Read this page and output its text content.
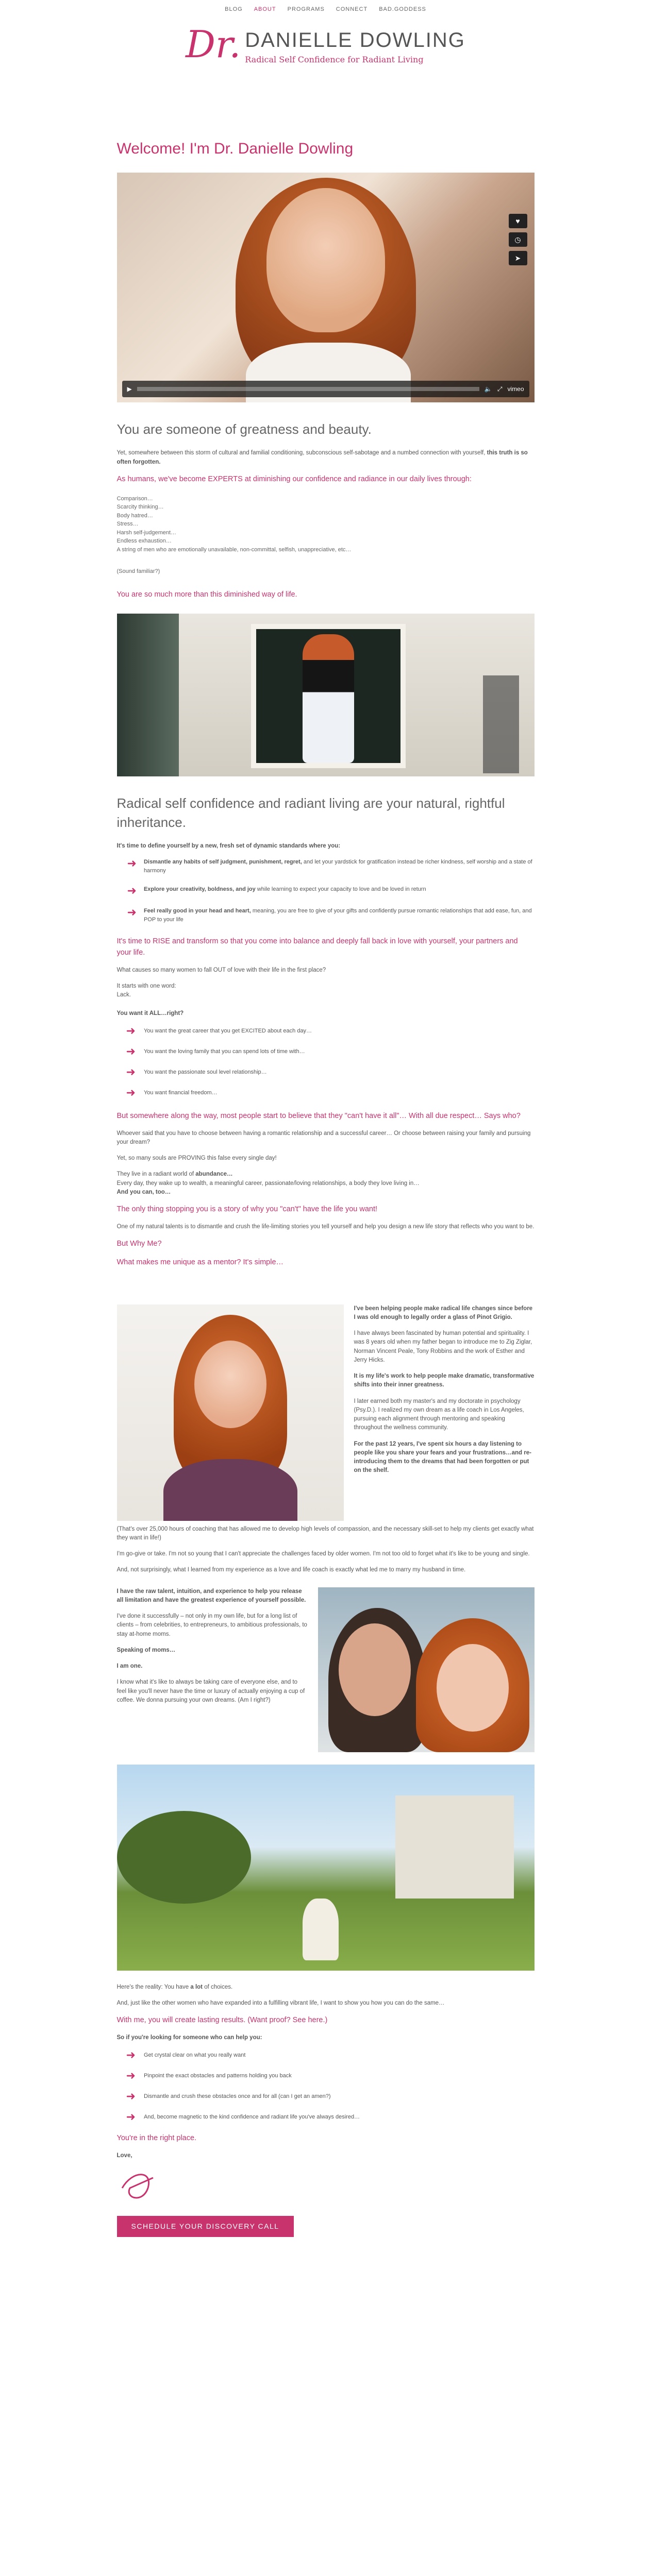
BLOG ABOUT PROGRAMS CONNECT BAD.GODDESS
Dr. DANIELLE DOWLING
Radical Self Confidence for Radiant Living
Welcome! I'm Dr. Danielle Dowling
♥
◷
➤
▶	🔈 ⤢ vimeo
You are someone of greatness and beauty.

Yet, somewhere between this storm of cultural and familial conditioning, subconscious self-sabotage and a numbed connection with yourself, this truth is so often forgotten.

As humans, we've become EXPERTS at diminishing our confidence and radiance in our daily lives through:

Comparison…

Scarcity thinking…

Body hatred…

Stress…

Harsh self-judgement…

Endless exhaustion…

A string of men who are emotionally unavailable, non-committal, selfish, unappreciative, etc…

(Sound familiar?)

You are so much more than this diminished way of life.

Radical self confidence and radiant living are your natural, rightful inheritance.

It's time to define yourself by a new, fresh set of dynamic standards where you:

➜ Dismantle any habits of self judgment, punishment, regret, and let your yardstick for gratification instead be richer kindness, self worship and a state of harmony
➜ Explore your creativity, boldness, and joy while learning to expect your capacity to love and be loved in return
➜ Feel really good in your head and heart, meaning, you are free to give of your gifts and confidently pursue romantic relationships that add ease, fun, and POP to your life

It's time to RISE and transform so that you come into balance and deeply fall back in love with yourself, your partners and your life.

What causes so many women to fall OUT of love with their life in the first place?

It starts with one word:
Lack.

You want it ALL…right?

➜ You want the great career that you get EXCITED about each day…
➜ You want the loving family that you can spend lots of time with…
➜ You want the passionate soul level relationship…
➜ You want financial freedom…

But somewhere along the way, most people start to believe that they "can't have it all"… With all due respect… Says who?

Whoever said that you have to choose between having a romantic relationship and a successful career… Or choose between raising your family and pursuing your dream?

Yet, so many souls are PROVING this false every single day!

They live in a radiant world of abundance…
Every day, they wake up to wealth, a meaningful career, passionate/loving relationships, a body they love living in…
And you can, too…

The only thing stopping you is a story of why you "can't" have the life you want!

One of my natural talents is to dismantle and crush the life-limiting stories you tell yourself and help you design a new life story that reflects who you want to be.

But Why Me?

What makes me unique as a mentor? It's simple…

I've been helping people make radical life changes since before I was old enough to legally order a glass of Pinot Grigio.

I have always been fascinated by human potential and spirituality. I was 8 years old when my father began to introduce me to Zig Ziglar, Norman Vincent Peale, Tony Robbins and the work of Esther and Jerry Hicks.

It is my life's work to help people make dramatic, transformative shifts into their inner greatness.

I later earned both my master's and my doctorate in psychology (Psy.D.). I realized my own dream as a life coach in Los Angeles, pursuing each alignment through mentoring and speaking throughout the wellness community.

For the past 12 years, I've spent six hours a day listening to people like you share your fears and your frustrations…and re-introducing them to the dreams that had been forgotten or put on the shelf.

(That's over 25,000 hours of coaching that has allowed me to develop high levels of compassion, and the necessary skill-set to help my clients get exactly what they want in life!)

I'm go-give or take. I'm not so young that I can't appreciate the challenges faced by older women. I'm not too old to forget what it's like to be young and single.

And, not surprisingly, what I learned from my experience as a love and life coach is exactly what led me to marry my husband in time.

I have the raw talent, intuition, and experience to help you release all limitation and have the greatest experience of yourself possible.

I've done it successfully – not only in my own life, but for a long list of clients – from celebrities, to entrepreneurs, to ambitious professionals, to stay at-home moms.

Speaking of moms…

I am one.

I know what it's like to always be taking care of everyone else, and to feel like you'll never have the time or luxury of actually enjoying a cup of coffee. We donna pursuing your own dreams. (Am I right?)

Here's the reality: You have a lot of choices.

And, just like the other women who have expanded into a fulfilling vibrant life, I want to show you how you can do the same…

With me, you will create lasting results. (Want proof? See here.)

So if you're looking for someone who can help you:

➜ Get crystal clear on what you really want
➜ Pinpoint the exact obstacles and patterns holding you back
➜ Dismantle and crush these obstacles once and for all (can I get an amen?)
➜ And, become magnetic to the kind confidence and radiant life you've always desired…

You're in the right place.

Love,

SCHEDULE YOUR DISCOVERY CALL
